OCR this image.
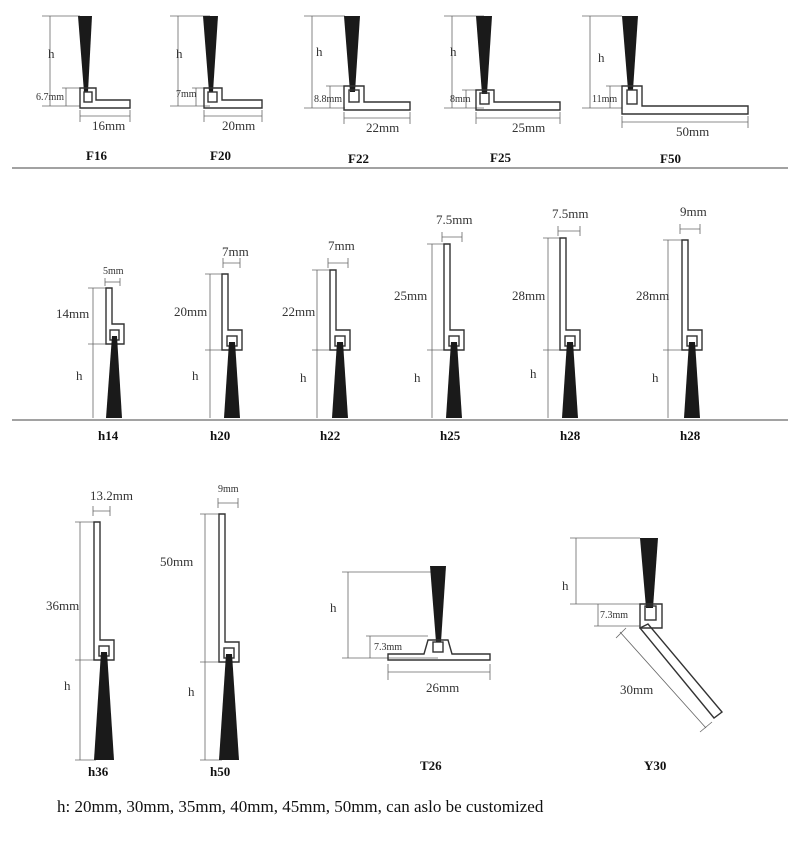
h
6.7mm
16mm
F16
h
7mm
20mm
F20
h
8.8mm
22mm
F22
h
8mm
25mm
F25
h
11mm
50mm
F50
5mm
14mm
h
h14
7mm
20mm
h
h20
7mm
22mm
h
h22
7.5mm
25mm
h
h25
7.5mm
28mm
h
h28
9mm
28mm
h
h28
13.2mm
36mm
h
h36
9mm
50mm
h
h50
h
7.3mm
26mm
T26
h
7.3mm
30mm
Y30
h: 20mm, 30mm, 35mm, 40mm, 45mm, 50mm, can aslo be customized
